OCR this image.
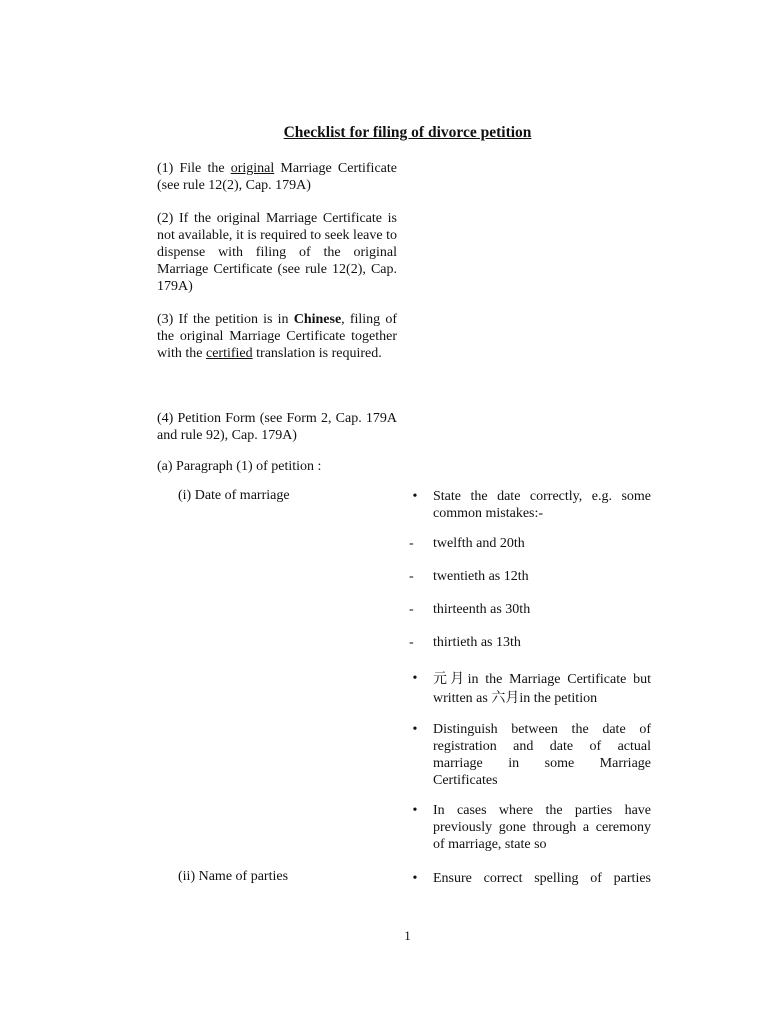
Checklist for filing of divorce petition
(1) File the original Marriage Certificate (see rule 12(2), Cap. 179A)
(2) If the original Marriage Certificate is not available, it is required to seek leave to dispense with filing of the original Marriage Certificate (see rule 12(2), Cap. 179A)
(3) If the petition is in Chinese, filing of the original Marriage Certificate together with the certified translation is required.
(4) Petition Form (see Form 2, Cap. 179A and rule 92), Cap. 179A)
(a) Paragraph (1) of petition :
(i) Date of marriage	•	State the date correctly, e.g. some common mistakes:-
- twelfth and 20th
- twentieth as 12th
- thirteenth as 30th
- thirtieth as 13th
•	元月in the Marriage Certificate but written as 六月in the petition
•	Distinguish between the date of registration and date of actual marriage in some Marriage Certificates
•	In cases where the parties have previously gone through a ceremony of marriage, state so
(ii) Name of parties	•	Ensure correct spelling of parties
1
